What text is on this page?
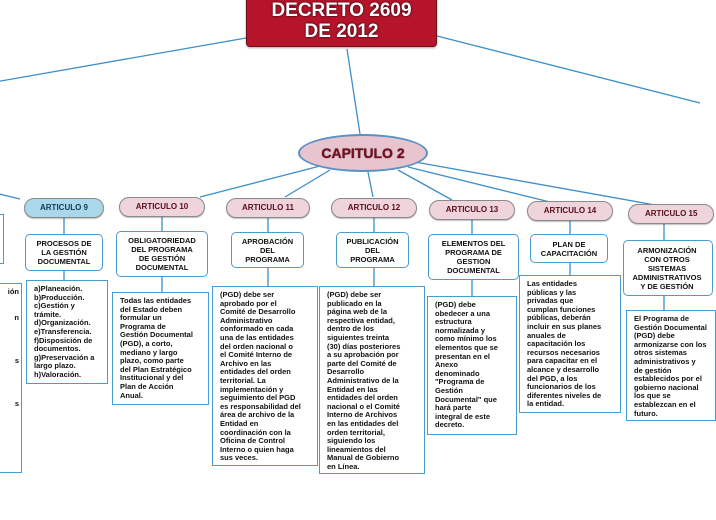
DECRETO 2609
DE 2012
CAPITULO 2
ión
n
s
s
ARTICULO 9
PROCESOS DE
LA GESTIÓN
DOCUMENTAL
a)Planeación.
b)Producción.
c)Gestión y
trámite.
d)Organización.
e)Transferencia.
f)Disposición de
documentos.
g)Preservación a
largo plazo.
h)Valoración.
ARTICULO 10
OBLIGATORIEDAD
DEL PROGRAMA
DE GESTIÓN
DOCUMENTAL
Todas las entidades
del Estado deben
formular un
Programa de
Gestión Documental
(PGD), a corto,
mediano y largo
plazo, como parte
del Plan Estratégico
Institucional y del
Plan de Acción
Anual.
ARTICULO 11
APROBACIÓN
DEL
PROGRAMA
(PGD) debe ser
aprobado por el
Comité de Desarrollo
Administrativo
conformado en cada
una de las entidades
del orden nacional o
el Comité Interno de
Archivo en las
entidades del orden
territorial. La
implementación y
seguimiento del PGD
es responsabilidad del
área de archivo de la
Entidad en
coordinación con la
Oficina de Control
Interno o quien haga
sus veces.
ARTICULO 12
PUBLICACIÓN
DEL
PROGRAMA
(PGD) debe ser
publicado en la
página web de la
respectiva entidad,
dentro de los
siguientes treinta
(30) días posteriores
a su aprobación por
parte del Comité de
Desarrollo
Administrativo de la
Entidad en las
entidades del orden
nacional o el Comité
Interno de Archivos
en las entidades del
orden territorial,
siguiendo los
lineamientos del
Manual de Gobierno
en Línea.
ARTICULO 13
ELEMENTOS DEL
PROGRAMA DE
GESTION
DOCUMENTAL
(PGD) debe
obedecer a una
estructura
normalizada y
como mínimo los
elementos que se
presentan en el
Anexo
denominado
"Programa de
Gestión
Documental" que
hará parte
integral de este
decreto.
ARTICULO 14
PLAN DE
CAPACITACIÓN
Las entidades
públicas y las
privadas que
cumplan funciones
públicas, deberán
incluir en sus planes
anuales de
capacitación los
recursos necesarios
para capacitar en el
alcance y desarrollo
del PGD, a los
funcionarios de los
diferentes niveles de
la entidad.
ARTICULO 15
ARMONIZACIÓN
CON OTROS
SISTEMAS
ADMINISTRATIVOS
Y DE GESTIÓN
El Programa de
Gestión Documental
(PGD) debe
armonizarse con los
otros sistemas
administrativos y
de gestión
establecidos por el
gobierno nacional
los que se
establezcan en el
futuro.
